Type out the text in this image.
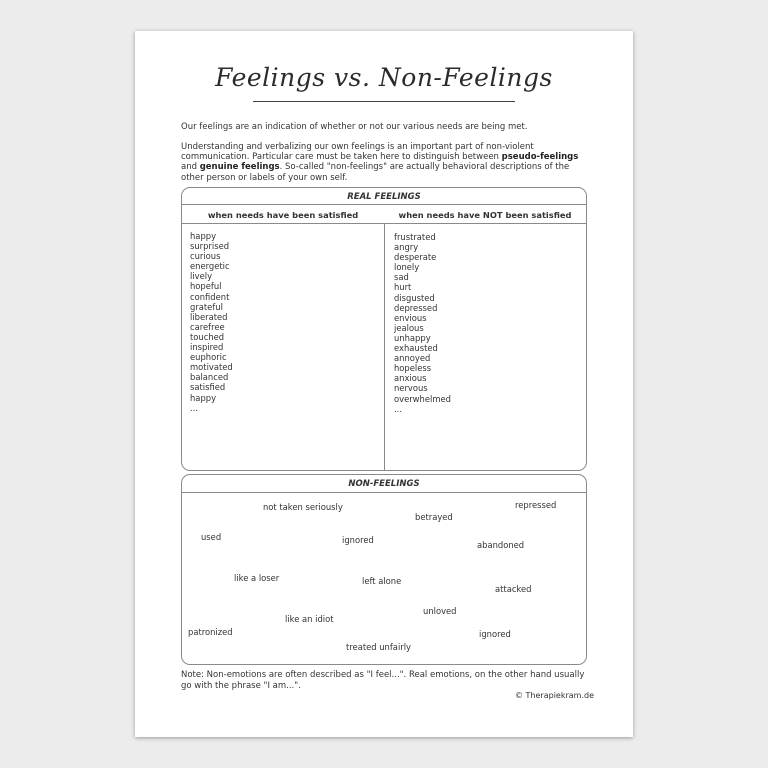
Feelings vs. Non-Feelings
Our feelings are an indication of whether or not our various needs are being met.
Understanding and verbalizing our own feelings is an important part of non-violent communication. Particular care must be taken here to distinguish between pseudo-feelings and genuine feelings. So-called "non-feelings" are actually behavioral descriptions of the other person or labels of your own self.
REAL FEELINGS
when needs have been satisfied	when needs have NOT been satisfied
happy
surprised
curious
energetic
lively
hopeful
confident
grateful
liberated
carefree
touched
inspired
euphoric
motivated
balanced
satisfied
happy
...
frustrated
angry
desperate
lonely
sad
hurt
disgusted
depressed
envious
jealous
unhappy
exhausted
annoyed
hopeless
anxious
nervous
overwhelmed
...
NON-FEELINGS
not taken seriously	repressed
betrayed
used	ignored	abandoned
like a loser	left alone
attacked
unloved
like an idiot
patronized	ignored
treated unfairly
Note: Non-emotions are often described as "I feel...". Real emotions, on the other hand usually go with the phrase "I am...".
© Therapiekram.de
